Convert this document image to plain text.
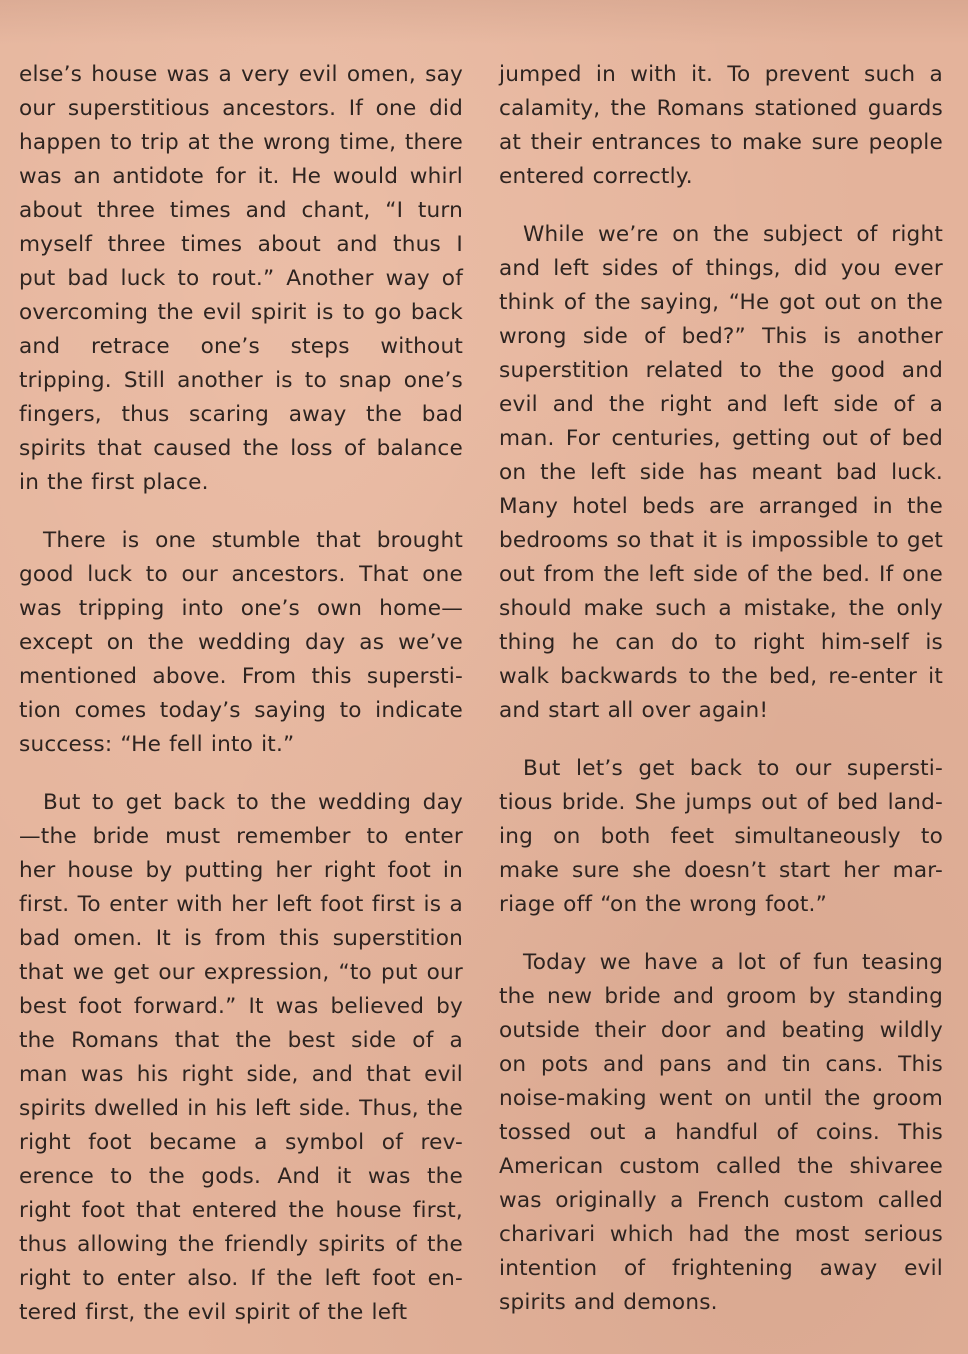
else’s house was a very evil omen, say our superstitious ancestors. If one did happen to trip at the wrong time, there was an antidote for it. He would whirl about three times and chant, “I turn myself three times about and thus I put bad luck to rout.” Another way of overcoming the evil spirit is to go back and retrace one’s steps without tripping. Still another is to snap one’s fingers, thus scaring away the bad spirits that caused the loss of balance in the first place.

There is one stumble that brought good luck to our ancestors. That one was tripping into one’s own home—except on the wedding day as we’ve mentioned above. From this supersti-tion comes today’s saying to indicate success: “He fell into it.”

But to get back to the wedding day —the bride must remember to enter her house by putting her right foot in first. To enter with her left foot first is a bad omen. It is from this superstition that we get our expression, “to put our best foot forward.” It was believed by the Romans that the best side of a man was his right side, and that evil spirits dwelled in his left side. Thus, the right foot became a symbol of rev-erence to the gods. And it was the right foot that entered the house first, thus allowing the friendly spirits of the right to enter also. If the left foot en-tered first, the evil spirit of the left

jumped in with it. To prevent such a calamity, the Romans stationed guards at their entrances to make sure people entered correctly.

While we’re on the subject of right and left sides of things, did you ever think of the saying, “He got out on the wrong side of bed?” This is another superstition related to the good and evil and the right and left side of a man. For centuries, getting out of bed on the left side has meant bad luck. Many hotel beds are arranged in the bedrooms so that it is impossible to get out from the left side of the bed. If one should make such a mistake, the only thing he can do to right him-self is walk backwards to the bed, re-enter it and start all over again!

But let’s get back to our supersti-tious bride. She jumps out of bed land-ing on both feet simultaneously to make sure she doesn’t start her mar-riage off “on the wrong foot.”

Today we have a lot of fun teasing the new bride and groom by standing outside their door and beating wildly on pots and pans and tin cans. This noise-making went on until the groom tossed out a handful of coins. This American custom called the shivaree was originally a French custom called charivari which had the most serious intention of frightening away evil spirits and demons.
